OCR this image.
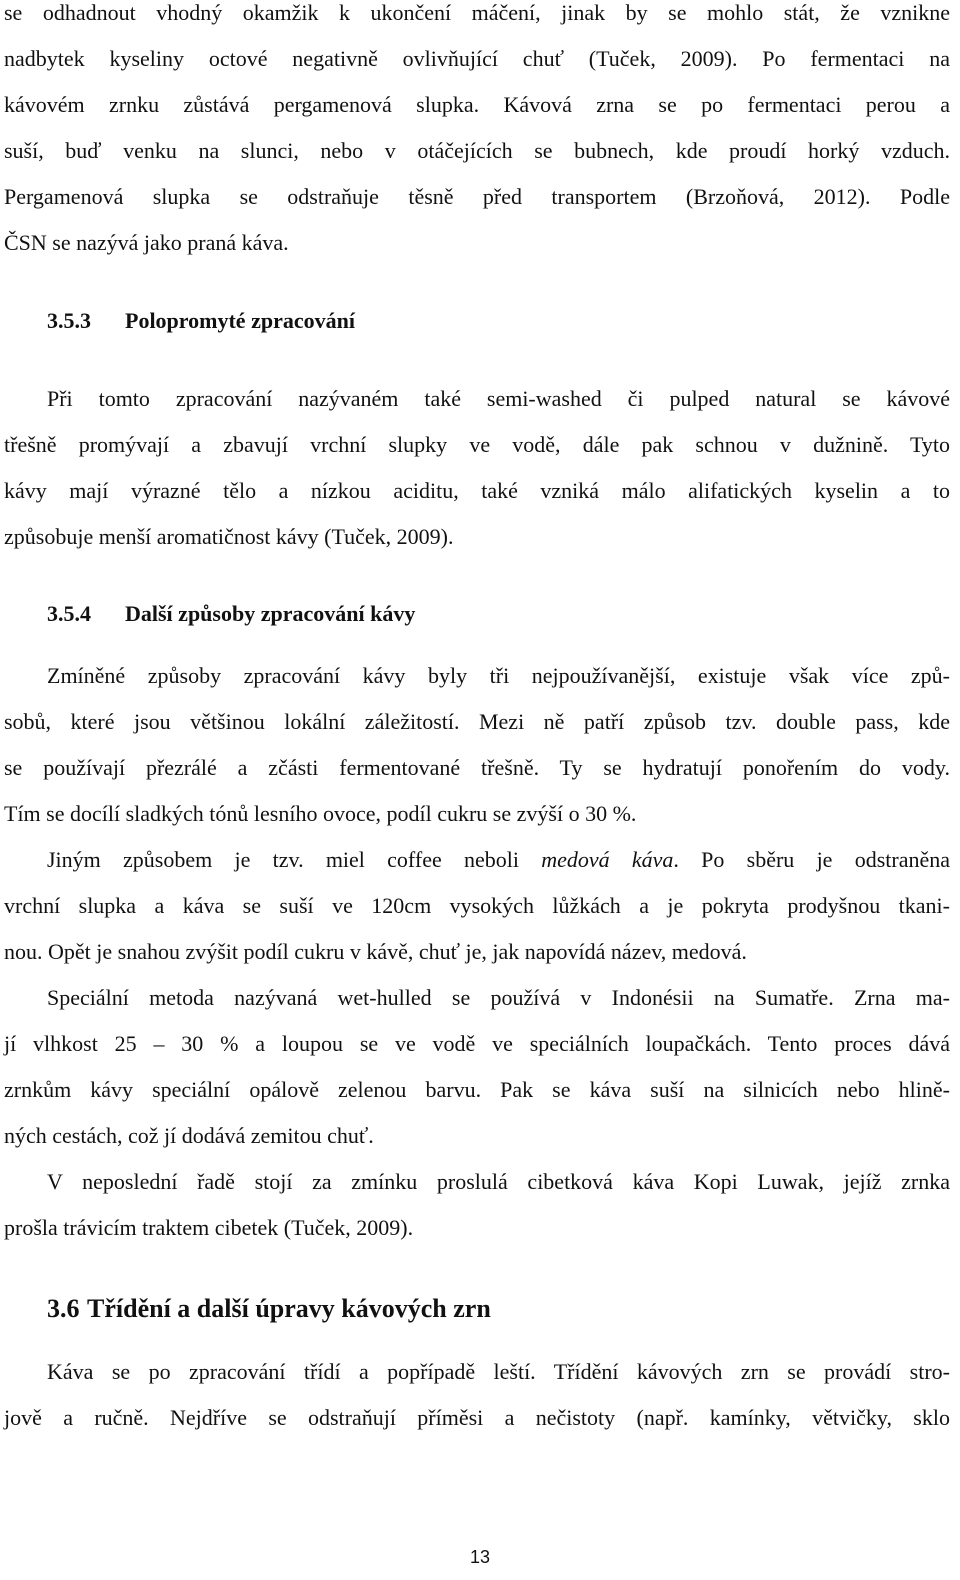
se odhadnout vhodný okamžik k ukončení máčení, jinak by se mohlo stát, že vznikne
nadbytek kyseliny octové negativně ovlivňující chuť (Tuček, 2009). Po fermentaci na
kávovém zrnku zůstává pergamenová slupka. Kávová zrna se po fermentaci perou a
suší, buď venku na slunci, nebo v otáčejících se bubnech, kde proudí horký vzduch.
Pergamenová slupka se odstraňuje těsně před transportem (Brzoňová, 2012). Podle
ČSN se nazývá jako praná káva.
3.5.3 Polopromyté zpracování
Při tomto zpracování nazývaném také semi-washed či pulped natural se kávové
třešně promývají a zbavují vrchní slupky ve vodě, dále pak schnou v dužnině. Tyto
kávy mají výrazné tělo a nízkou aciditu, také vzniká málo alifatických kyselin a to
způsobuje menší aromatičnost kávy (Tuček, 2009).
3.5.4 Další způsoby zpracování kávy
Zmíněné způsoby zpracování kávy byly tři nejpoužívanější, existuje však více způ-
sobů, které jsou většinou lokální záležitostí. Mezi ně patří způsob tzv. double pass, kde
se používají přezrálé a zčásti fermentované třešně. Ty se hydratují ponořením do vody.
Tím se docílí sladkých tónů lesního ovoce, podíl cukru se zvýší o 30 %.
Jiným způsobem je tzv. miel coffee neboli medová káva. Po sběru je odstraněna
vrchní slupka a káva se suší ve 120cm vysokých lůžkách a je pokryta prodyšnou tkani-
nou. Opět je snahou zvýšit podíl cukru v kávě, chuť je, jak napovídá název, medová.
Speciální metoda nazývaná wet-hulled se používá v Indonésii na Sumatře. Zrna ma-
jí vlhkost 25 – 30 % a loupou se ve vodě ve speciálních loupačkách. Tento proces dává
zrnkům kávy speciální opálově zelenou barvu. Pak se káva suší na silnicích nebo hlině-
ných cestách, což jí dodává zemitou chuť.
V neposlední řadě stojí za zmínku proslulá cibetková káva Kopi Luwak, jejíž zrnka
prošla trávicím traktem cibetek (Tuček, 2009).
3.6 Třídění a další úpravy kávových zrn
Káva se po zpracování třídí a popřípadě leští. Třídění kávových zrn se provádí stro-
jově a ručně. Nejdříve se odstraňují příměsi a nečistoty (např. kamínky, větvičky, sklo
13
